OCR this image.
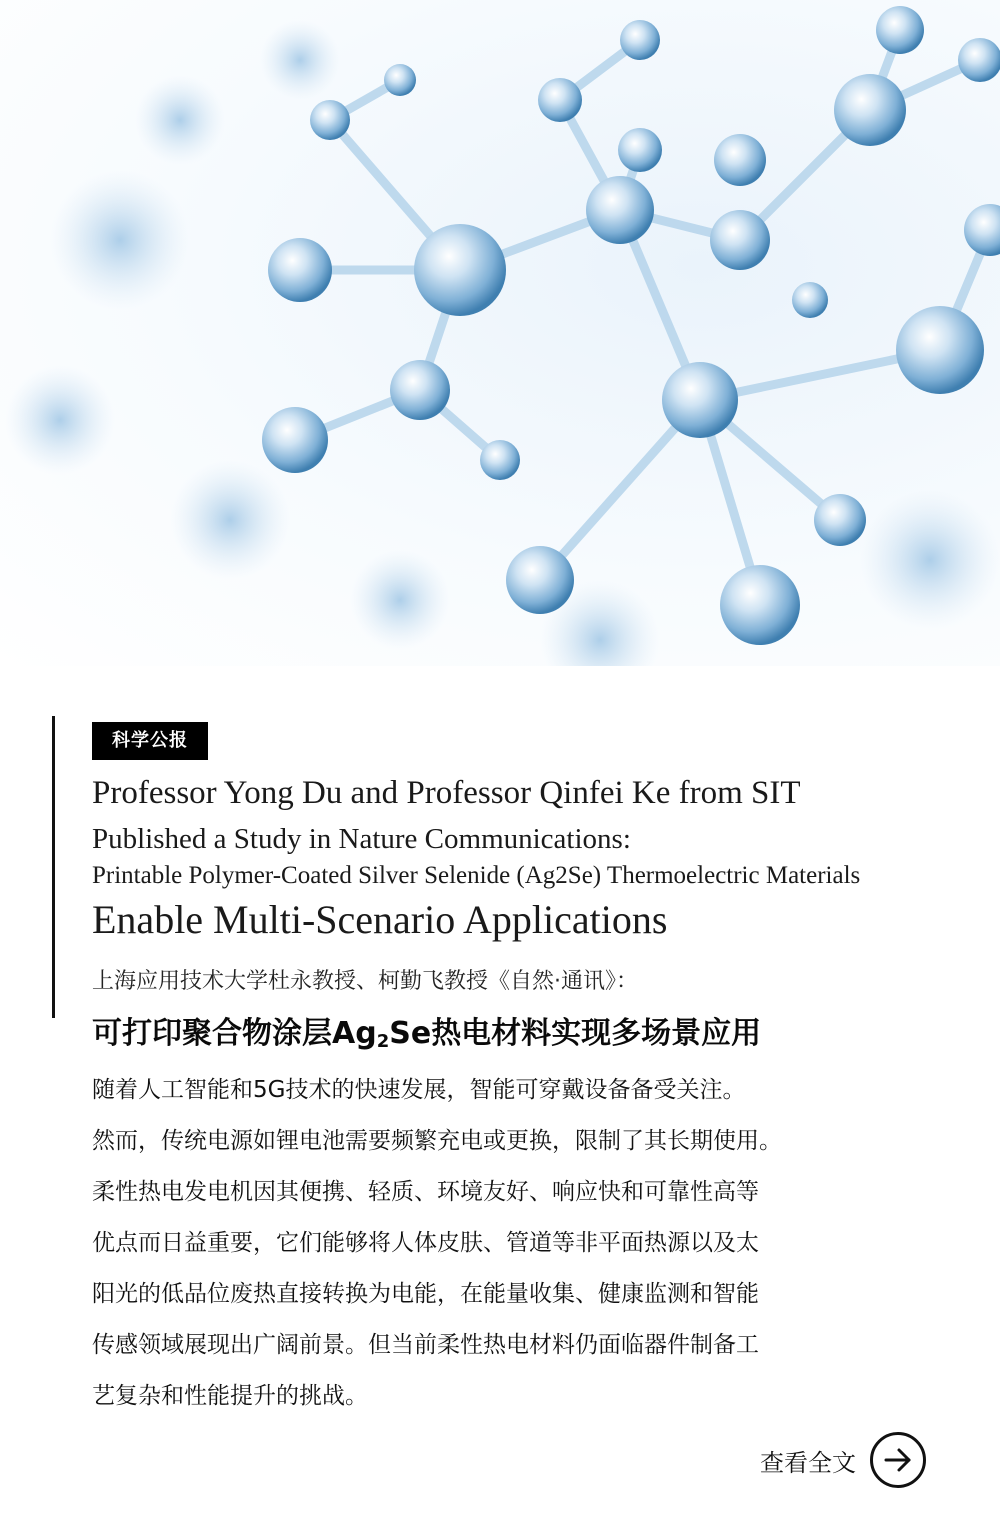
科学公报
Professor Yong Du and Professor Qinfei Ke from SIT
Published a Study in Nature Communications:
Printable Polymer-Coated Silver Selenide (Ag2Se) Thermoelectric Materials
Enable Multi-Scenario Applications
上海应用技术大学杜永教授、柯勤飞教授《自然·通讯》：
可打印聚合物涂层$Ag_2Se$热电材料实现多场景应用

随着人工智能和5G技术的快速发展，智能可穿戴设备备受关注。

然而，传统电源如锂电池需要频繁充电或更换，限制了其长期使用。

柔性热电发电机因其便携、轻质、环境友好、响应快和可靠性高等

优点而日益重要，它们能够将人体皮肤、管道等非平面热源以及太

阳光的低品位废热直接转换为电能，在能量收集、健康监测和智能

传感领域展现出广阔前景。但当前柔性热电材料仍面临器件制备工

艺复杂和性能提升的挑战。

查看全文
